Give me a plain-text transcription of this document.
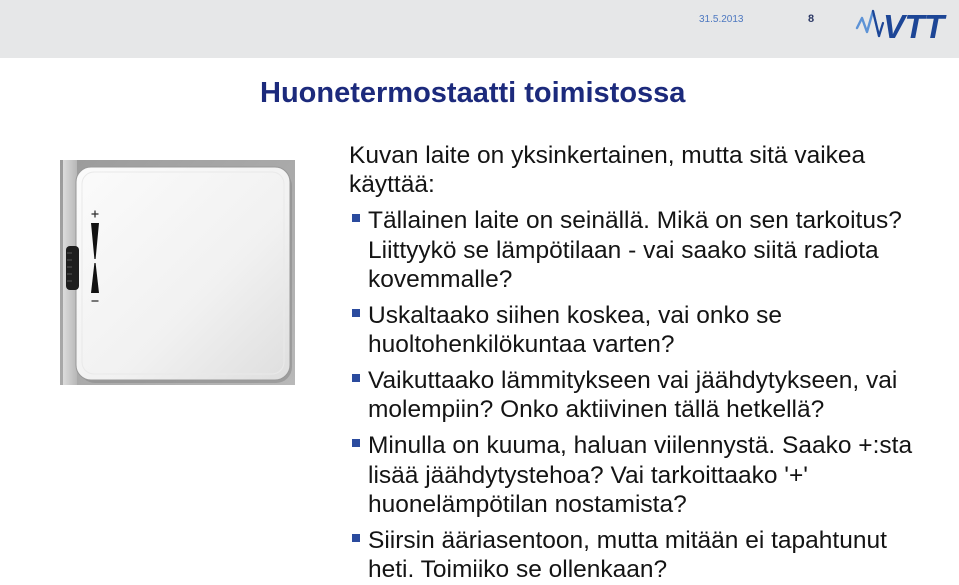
31.5.2013	8 VTT
Huonetermostaatti toimistossa

Kuvan laite on yksinkertainen, mutta sitä vaikea käyttää:

Tällainen laite on seinällä. Mikä on sen tarkoitus? Liittyykö se lämpötilaan - vai saako siitä radiota kovemmalle?
Uskaltaako siihen koskea, vai onko se huoltohenkilökuntaa varten?
Vaikuttaako lämmitykseen vai jäähdytykseen, vai molempiin? Onko aktiivinen tällä hetkellä?
Minulla on kuuma, haluan viilennystä. Saako +:sta lisää jäähdytystehoa? Vai tarkoittaako '+' huonelämpötilan nostamista?
Siirsin ääriasentoon, mutta mitään ei tapahtunut heti. Toimiiko se ollenkaan?
